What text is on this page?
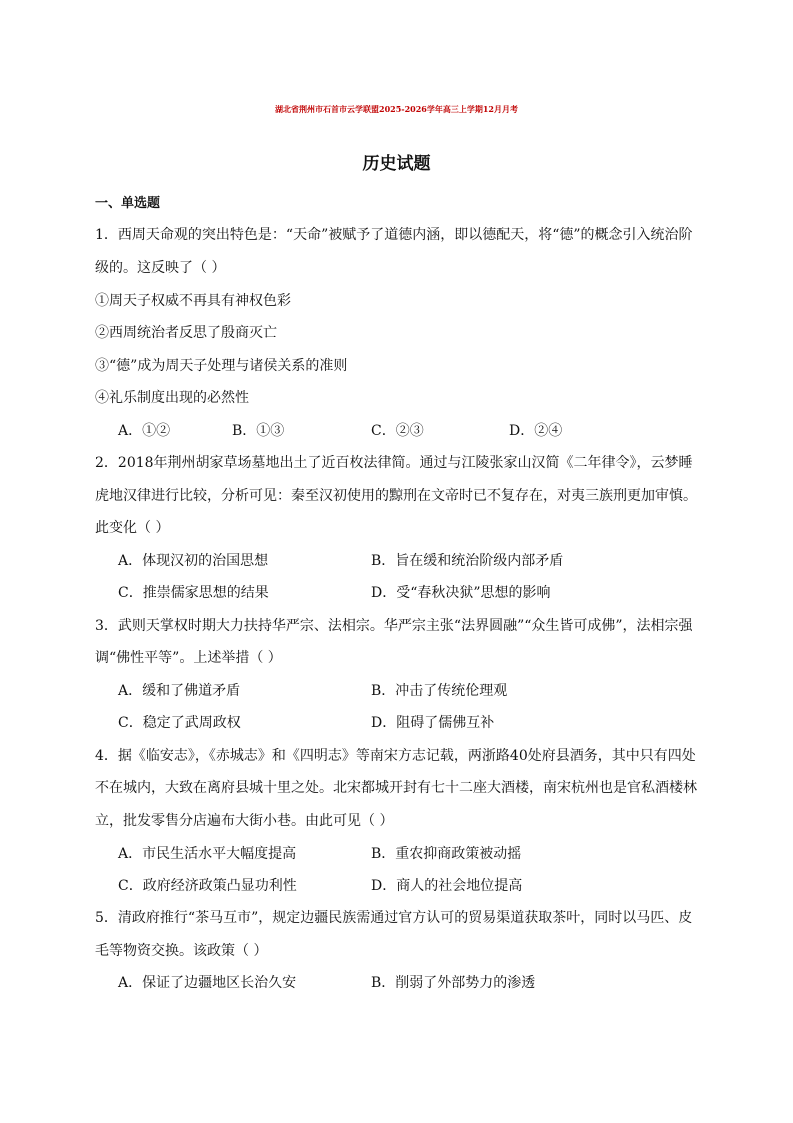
湖北省荆州市石首市云学联盟2025-2026学年高三上学期12月月考
历史试题
一、单选题
1．西周天命观的突出特色是：“天命”被赋予了道德内涵，即以德配天，将“德”的概念引入统治阶
级的。这反映了（ ）
①周天子权威不再具有神权色彩
②西周统治者反思了殷商灭亡
③“德”成为周天子处理与诸侯关系的准则
④礼乐制度出现的必然性
A．①②	B．①③	C．②③	D．②④
2．2018年荆州胡家草场墓地出土了近百枚法律简。通过与江陵张家山汉简《二年律令》，云梦睡
虎地汉律进行比较，分析可见：秦至汉初使用的黥刑在文帝时已不复存在，对夷三族刑更加审慎。
此变化（ ）
A．体现汉初的治国思想	B．旨在缓和统治阶级内部矛盾
C．推崇儒家思想的结果	D．受“春秋决狱”思想的影响
3．武则天掌权时期大力扶持华严宗、法相宗。华严宗主张“法界圆融”“众生皆可成佛”，法相宗强
调“佛性平等”。上述举措（ ）
A．缓和了佛道矛盾	B．冲击了传统伦理观
C．稳定了武周政权	D．阻碍了儒佛互补
4．据《临安志》，《赤城志》和《四明志》等南宋方志记载，两浙路40处府县酒务，其中只有四处
不在城内，大致在离府县城十里之处。北宋都城开封有七十二座大酒楼，南宋杭州也是官私酒楼林
立，批发零售分店遍布大街小巷。由此可见（ ）
A．市民生活水平大幅度提高	B．重农抑商政策被动摇
C．政府经济政策凸显功利性	D．商人的社会地位提高
5．清政府推行“茶马互市”，规定边疆民族需通过官方认可的贸易渠道获取茶叶，同时以马匹、皮
毛等物资交换。该政策（ ）
A．保证了边疆地区长治久安	B．削弱了外部势力的渗透
